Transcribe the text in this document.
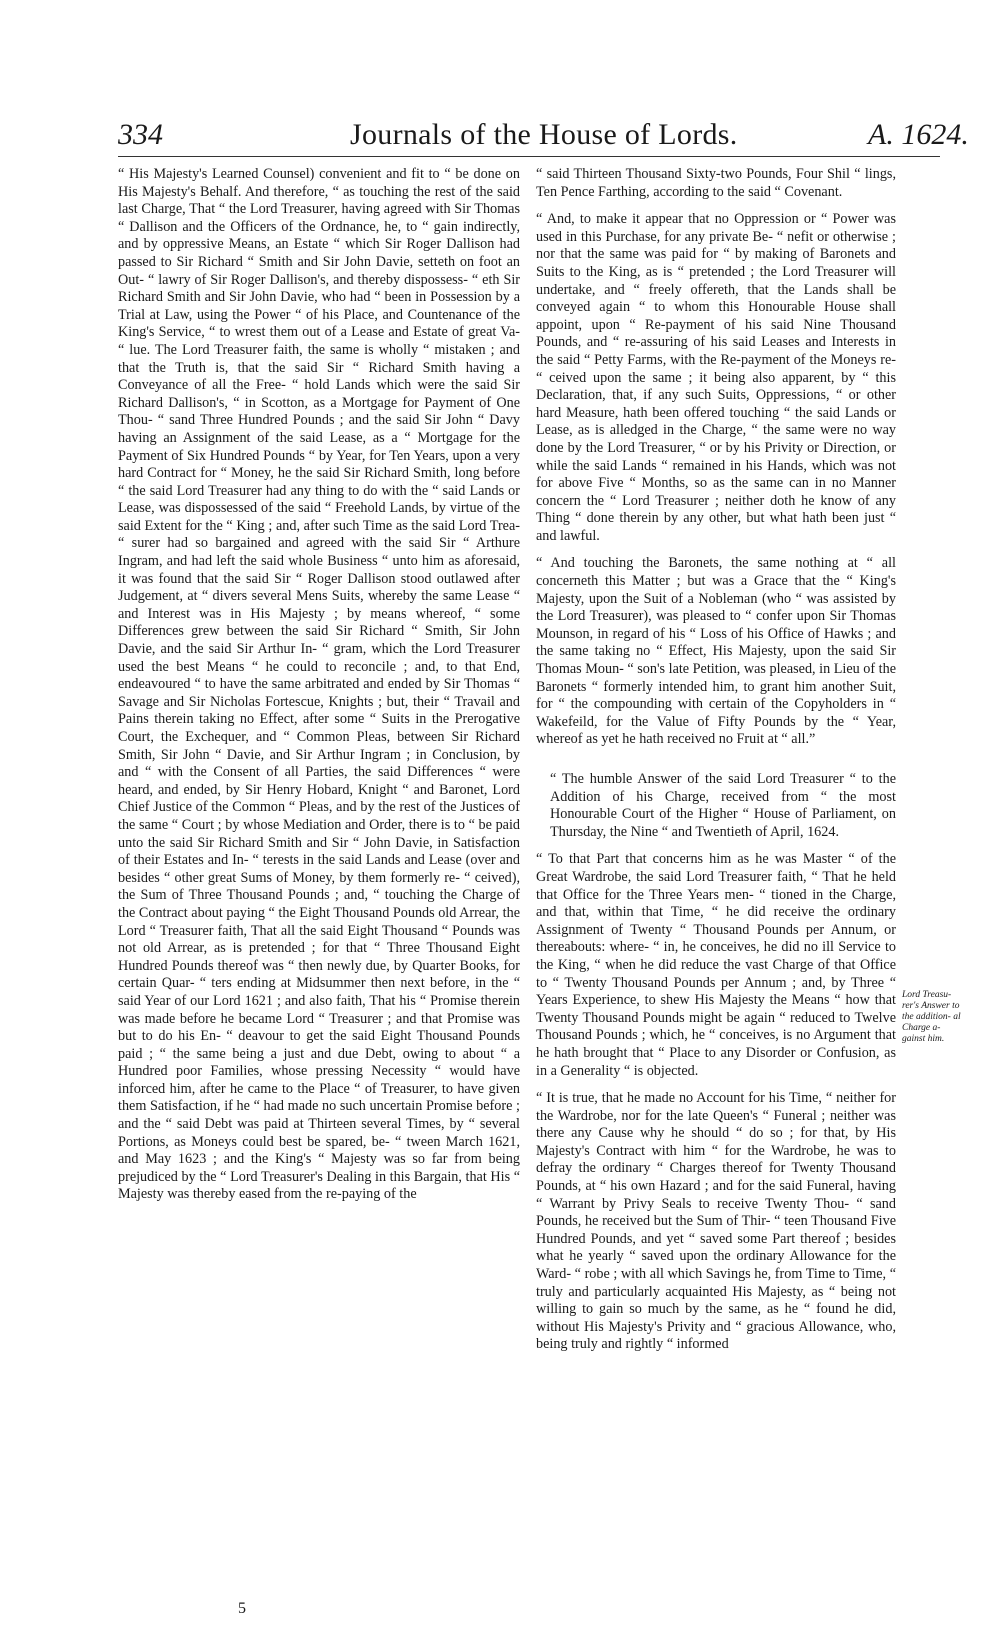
334	Journals of the House of Lords.	A. 1624.

“ His Majesty's Learned Counsel) convenient and fit to “ be done on His Majesty's Behalf. And therefore, “ as touching the rest of the said last Charge, That “ the Lord Treasurer, having agreed with Sir Thomas “ Dallison and the Officers of the Ordnance, he, to “ gain indirectly, and by oppressive Means, an Estate “ which Sir Roger Dallison had passed to Sir Richard “ Smith and Sir John Davie, setteth on foot an Out- “ lawry of Sir Roger Dallison's, and thereby dispossess- “ eth Sir Richard Smith and Sir John Davie, who had “ been in Possession by a Trial at Law, using the Power “ of his Place, and Countenance of the King's Service, “ to wrest them out of a Lease and Estate of great Va- “ lue. The Lord Treasurer faith, the same is wholly “ mistaken ; and that the Truth is, that the said Sir “ Richard Smith having a Conveyance of all the Free- “ hold Lands which were the said Sir Richard Dallison's, “ in Scotton, as a Mortgage for Payment of One Thou- “ sand Three Hundred Pounds ; and the said Sir John “ Davy having an Assignment of the said Lease, as a “ Mortgage for the Payment of Six Hundred Pounds “ by Year, for Ten Years, upon a very hard Contract for “ Money, he the said Sir Richard Smith, long before “ the said Lord Treasurer had any thing to do with the “ said Lands or Lease, was dispossessed of the said “ Freehold Lands, by virtue of the said Extent for the “ King ; and, after such Time as the said Lord Trea- “ surer had so bargained and agreed with the said Sir “ Arthure Ingram, and had left the said whole Business “ unto him as aforesaid, it was found that the said Sir “ Roger Dallison stood outlawed after Judgement, at “ divers several Mens Suits, whereby the same Lease “ and Interest was in His Majesty ; by means whereof, “ some Differences grew between the said Sir Richard “ Smith, Sir John Davie, and the said Sir Arthur In- “ gram, which the Lord Treasurer used the best Means “ he could to reconcile ; and, to that End, endeavoured “ to have the same arbitrated and ended by Sir Thomas “ Savage and Sir Nicholas Fortescue, Knights ; but, their “ Travail and Pains therein taking no Effect, after some “ Suits in the Prerogative Court, the Exchequer, and “ Common Pleas, between Sir Richard Smith, Sir John “ Davie, and Sir Arthur Ingram ; in Conclusion, by and “ with the Consent of all Parties, the said Differences “ were heard, and ended, by Sir Henry Hobard, Knight “ and Baronet, Lord Chief Justice of the Common “ Pleas, and by the rest of the Justices of the same “ Court ; by whose Mediation and Order, there is to “ be paid unto the said Sir Richard Smith and Sir “ John Davie, in Satisfaction of their Estates and In- “ terests in the said Lands and Lease (over and besides “ other great Sums of Money, by them formerly re- “ ceived), the Sum of Three Thousand Pounds ; and, “ touching the Charge of the Contract about paying “ the Eight Thousand Pounds old Arrear, the Lord “ Treasurer faith, That all the said Eight Thousand “ Pounds was not old Arrear, as is pretended ; for that “ Three Thousand Eight Hundred Pounds thereof was “ then newly due, by Quarter Books, for certain Quar- “ ters ending at Midsummer then next before, in the “ said Year of our Lord 1621 ; and also faith, That his “ Promise therein was made before he became Lord “ Treasurer ; and that Promise was but to do his En- “ deavour to get the said Eight Thousand Pounds paid ; “ the same being a just and due Debt, owing to about “ a Hundred poor Families, whose pressing Necessity “ would have inforced him, after he came to the Place “ of Treasurer, to have given them Satisfaction, if he “ had made no such uncertain Promise before ; and the “ said Debt was paid at Thirteen several Times, by “ several Portions, as Moneys could best be spared, be- “ tween March 1621, and May 1623 ; and the King's “ Majesty was so far from being prejudiced by the “ Lord Treasurer's Dealing in this Bargain, that His “ Majesty was thereby eased from the re-paying of the

“ said Thirteen Thousand Sixty-two Pounds, Four Shil “ lings, Ten Pence Farthing, according to the said “ Covenant.

“ And, to make it appear that no Oppression or “ Power was used in this Purchase, for any private Be- “ nefit or otherwise ; nor that the same was paid for “ by making of Baronets and Suits to the King, as is “ pretended ; the Lord Treasurer will undertake, and “ freely offereth, that the Lands shall be conveyed again “ to whom this Honourable House shall appoint, upon “ Re-payment of his said Nine Thousand Pounds, and “ re-assuring of his said Leases and Interests in the said “ Petty Farms, with the Re-payment of the Moneys re- “ ceived upon the same ; it being also apparent, by “ this Declaration, that, if any such Suits, Oppressions, “ or other hard Measure, hath been offered touching “ the said Lands or Lease, as is alledged in the Charge, “ the same were no way done by the Lord Treasurer, “ or by his Privity or Direction, or while the said Lands “ remained in his Hands, which was not for above Five “ Months, so as the same can in no Manner concern the “ Lord Treasurer ; neither doth he know of any Thing “ done therein by any other, but what hath been just “ and lawful.

“ And touching the Baronets, the same nothing at “ all concerneth this Matter ; but was a Grace that the “ King's Majesty, upon the Suit of a Nobleman (who “ was assisted by the Lord Treasurer), was pleased to “ confer upon Sir Thomas Mounson, in regard of his “ Loss of his Office of Hawks ; and the same taking no “ Effect, His Majesty, upon the said Sir Thomas Moun- “ son's late Petition, was pleased, in Lieu of the Baronets “ formerly intended him, to grant him another Suit, for “ the compounding with certain of the Copyholders in “ Wakefeild, for the Value of Fifty Pounds by the “ Year, whereof as yet he hath received no Fruit at “ all.”

“ The humble Answer of the said Lord Treasurer “ to the Addition of his Charge, received from “ the most Honourable Court of the Higher “ House of Parliament, on Thursday, the Nine “ and Twentieth of April, 1624.

“ To that Part that concerns him as he was Master “ of the Great Wardrobe, the said Lord Treasurer faith, “ That he held that Office for the Three Years men- “ tioned in the Charge, and that, within that Time, “ he did receive the ordinary Assignment of Twenty “ Thousand Pounds per Annum, or thereabouts: where- “ in, he conceives, he did no ill Service to the King, “ when he did reduce the vast Charge of that Office to “ Twenty Thousand Pounds per Annum ; and, by Three “ Years Experience, to shew His Majesty the Means “ how that Twenty Thousand Pounds might be again “ reduced to Twelve Thousand Pounds ; which, he “ conceives, is no Argument that he hath brought that “ Place to any Disorder or Confusion, as in a Generality “ is objected.

“ It is true, that he made no Account for his Time, “ neither for the Wardrobe, nor for the late Queen's “ Funeral ; neither was there any Cause why he should “ do so ; for that, by His Majesty's Contract with him “ for the Wardrobe, he was to defray the ordinary “ Charges thereof for Twenty Thousand Pounds, at “ his own Hazard ; and for the said Funeral, having “ Warrant by Privy Seals to receive Twenty Thou- “ sand Pounds, he received but the Sum of Thir- “ teen Thousand Five Hundred Pounds, and yet “ saved some Part thereof ; besides what he yearly “ saved upon the ordinary Allowance for the Ward- “ robe ; with all which Savings he, from Time to Time, “ truly and particularly acquainted His Majesty, as “ being not willing to gain so much by the same, as he “ found he did, without His Majesty's Privity and “ gracious Allowance, who, being truly and rightly “ informed

Lord Treasu- rer's Answer to the addition- al Charge a- gainst him.
5
